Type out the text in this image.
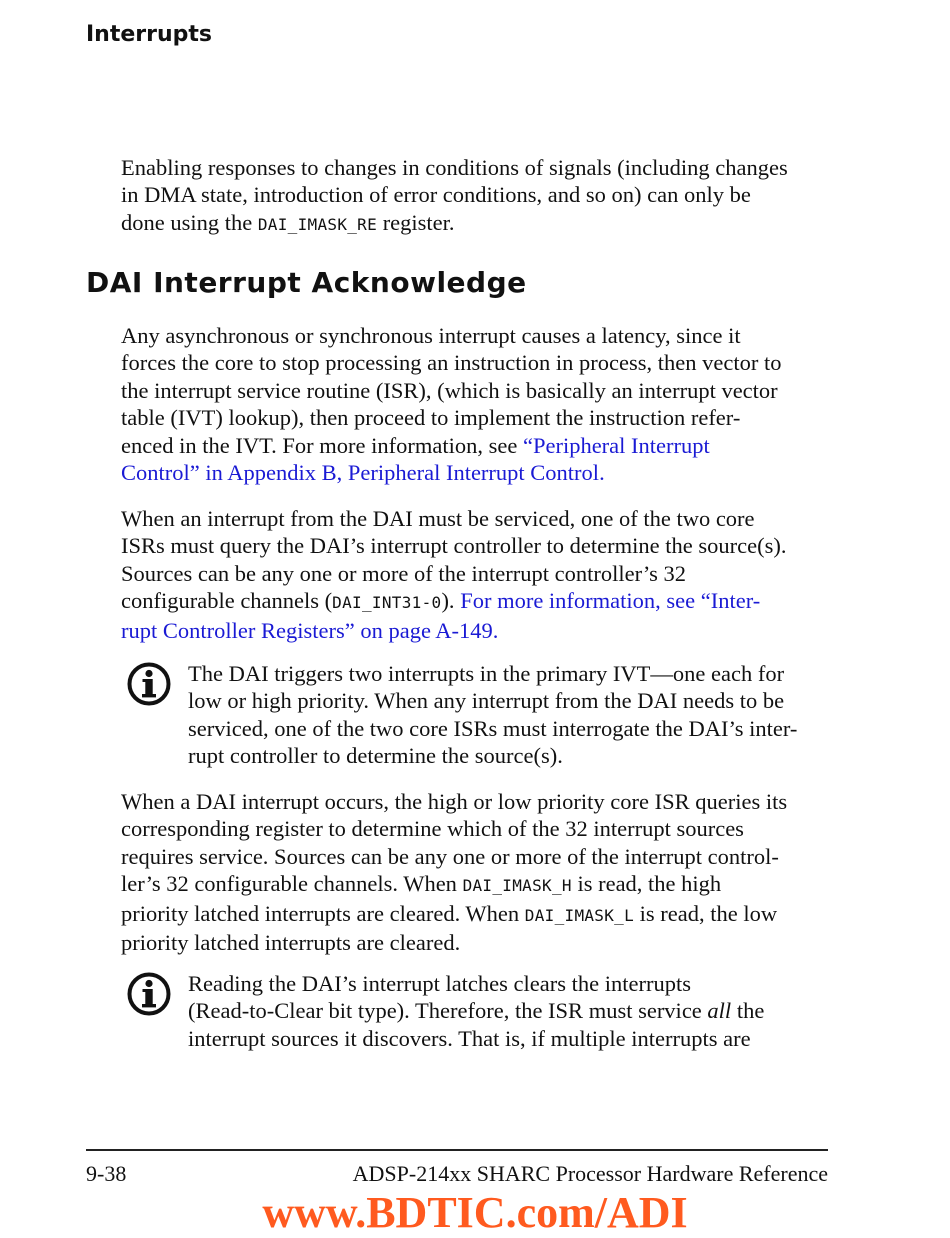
Interrupts

Enabling responses to changes in conditions of signals (including changes
in DMA state, introduction of error conditions, and so on) can only be
done using the DAI_IMASK_RE register.

DAI Interrupt Acknowledge

Any asynchronous or synchronous interrupt causes a latency, since it
forces the core to stop processing an instruction in process, then vector to
the interrupt service routine (ISR), (which is basically an interrupt vector
table (IVT) lookup), then proceed to implement the instruction refer-
enced in the IVT. For more information, see “Peripheral Interrupt
Control” in Appendix B, Peripheral Interrupt Control.

When an interrupt from the DAI must be serviced, one of the two core
ISRs must query the DAI’s interrupt controller to determine the source(s).
Sources can be any one or more of the interrupt controller’s 32
configurable channels (DAI_INT31-0). For more information, see “Inter-
rupt Controller Registers” on page A-149.

The DAI triggers two interrupts in the primary IVT—one each for
low or high priority. When any interrupt from the DAI needs to be
serviced, one of the two core ISRs must interrogate the DAI’s inter-
rupt controller to determine the source(s).

When a DAI interrupt occurs, the high or low priority core ISR queries its
corresponding register to determine which of the 32 interrupt sources
requires service. Sources can be any one or more of the interrupt control-
ler’s 32 configurable channels. When DAI_IMASK_H is read, the high
priority latched interrupts are cleared. When DAI_IMASK_L is read, the low
priority latched interrupts are cleared.

Reading the DAI’s interrupt latches clears the interrupts
(Read-to-Clear bit type). Therefore, the ISR must service all the
interrupt sources it discovers. That is, if multiple interrupts are

9-38	ADSP-214xx SHARC Processor Hardware Reference
www.BDTIC.com/ADI
